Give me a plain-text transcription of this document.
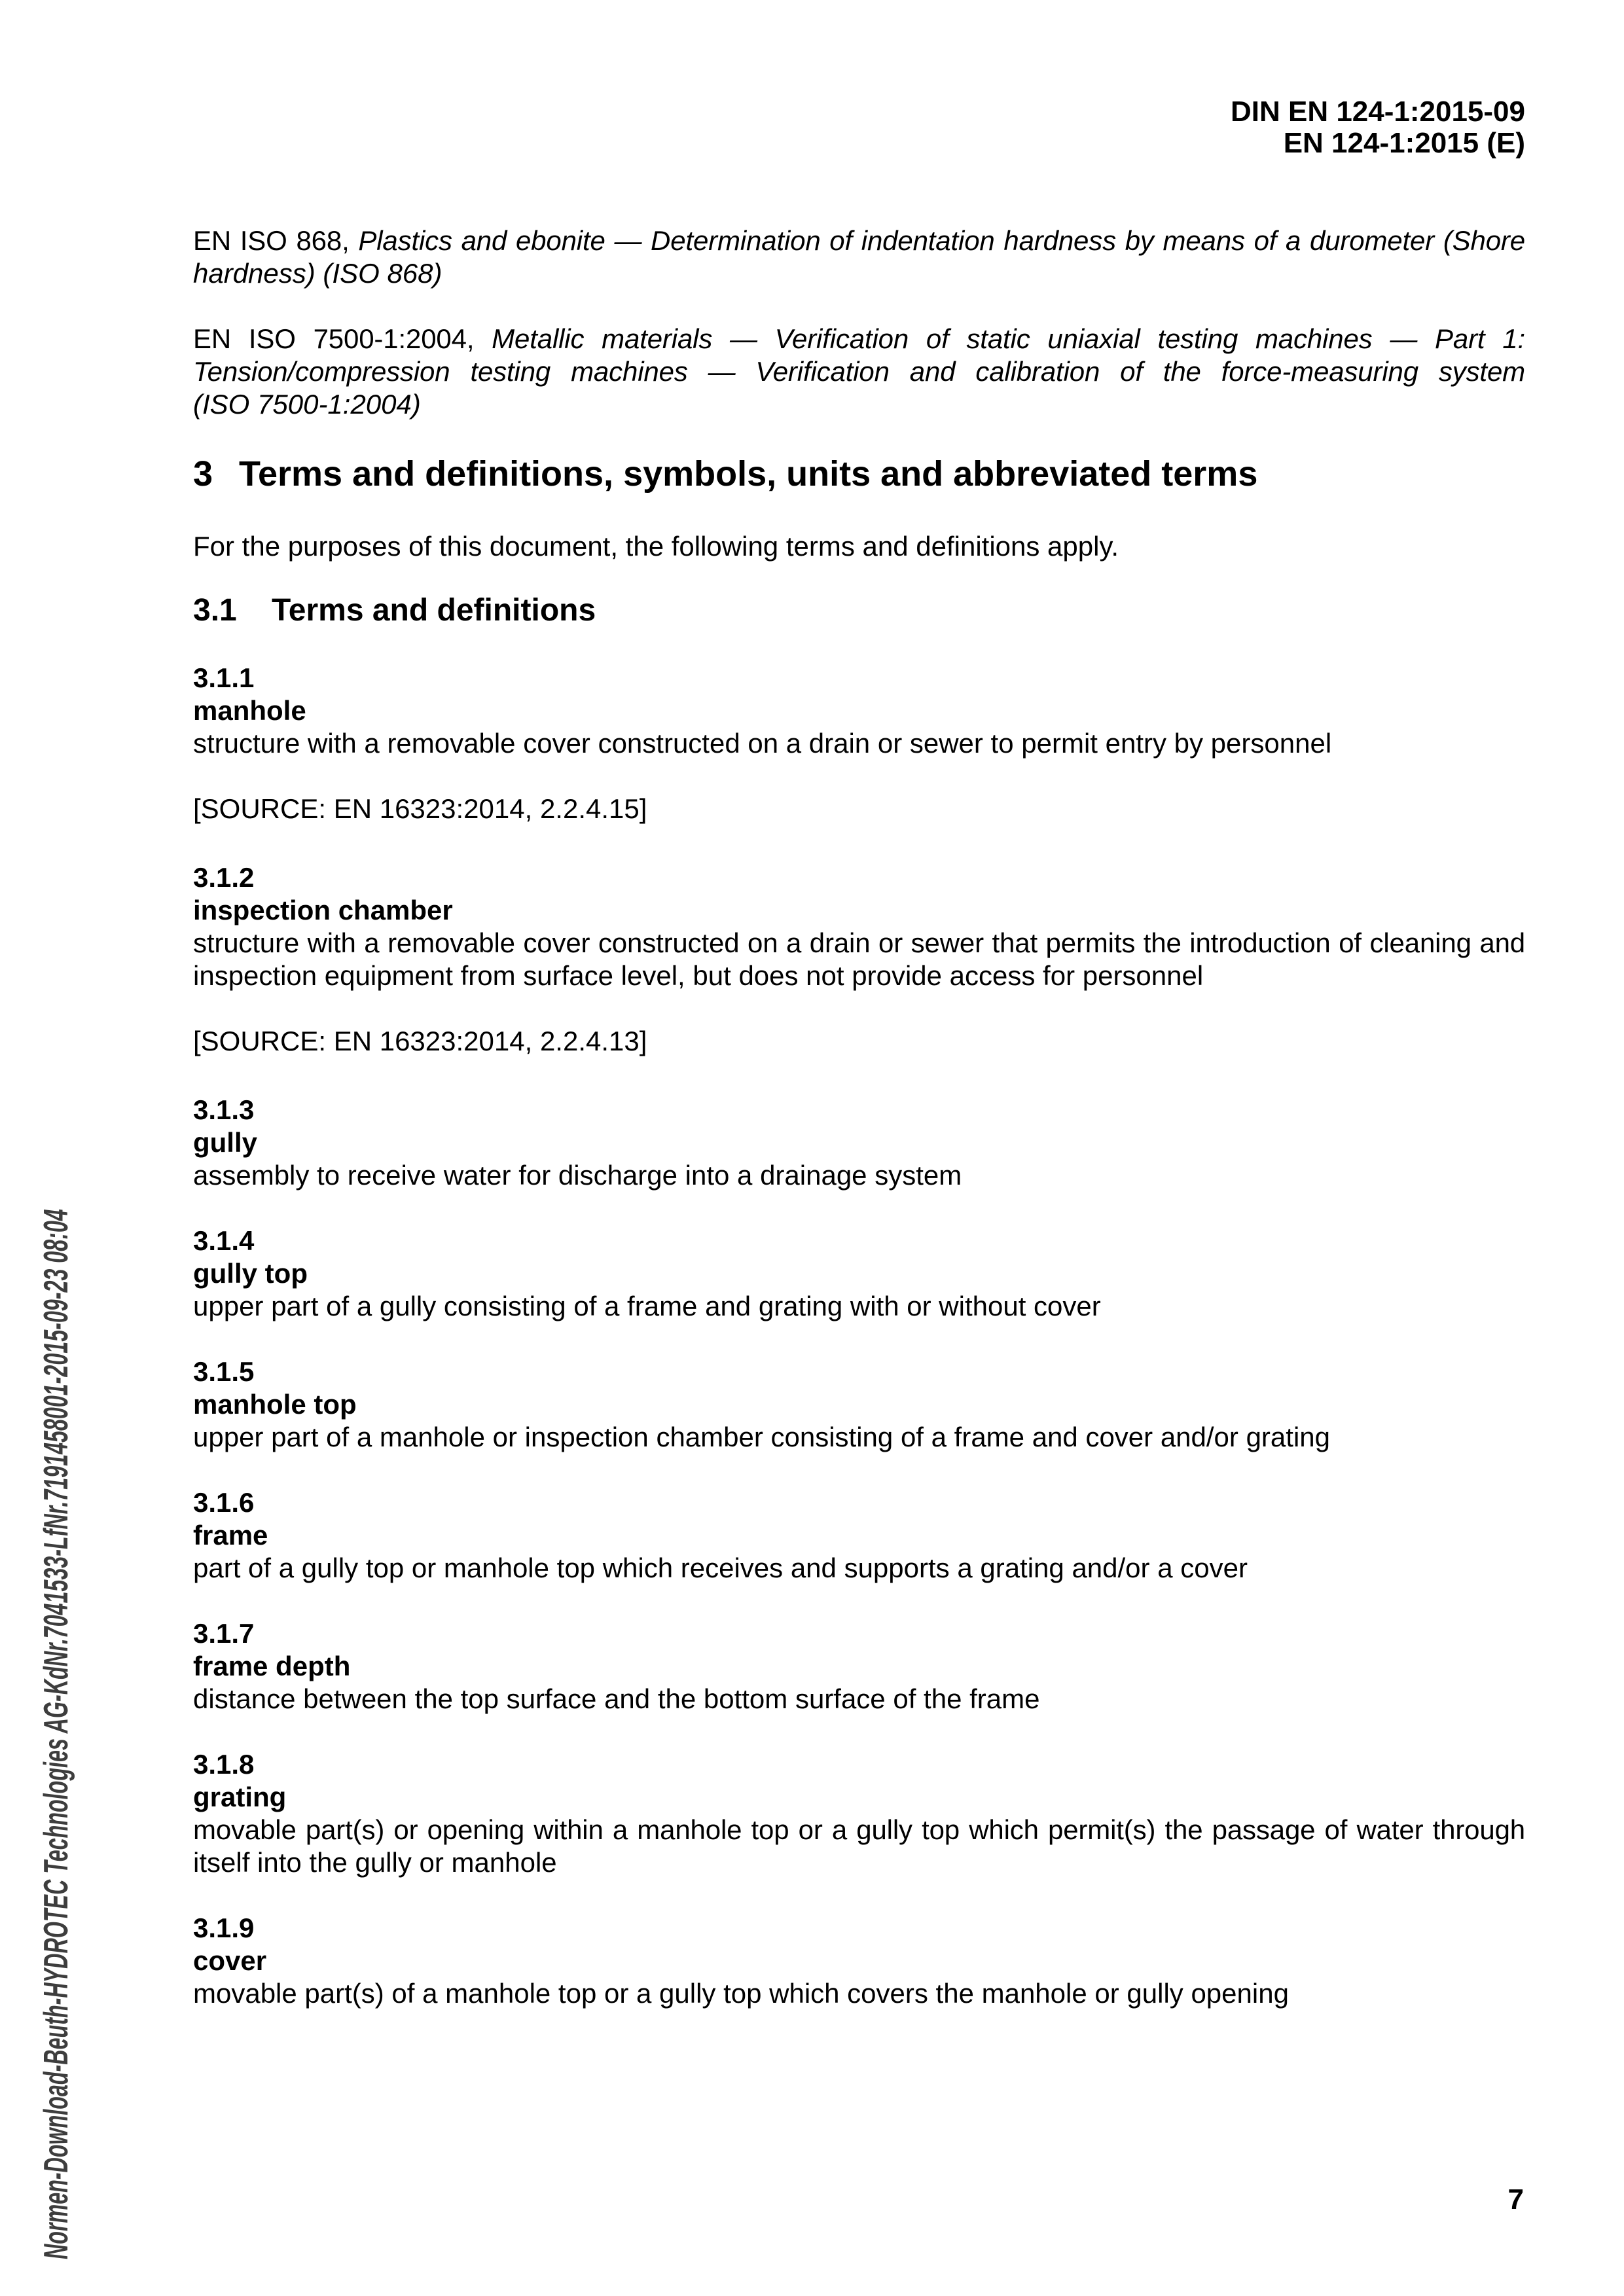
DIN EN 124-1:2015-09
EN 124-1:2015 (E)

EN ISO 868, Plastics and ebonite — Determination of indentation hardness by means of a durometer (Shore
hardness) (ISO 868)

EN ISO 7500-1:2004, Metallic materials — Verification of static uniaxial testing machines — Part 1:
Tension/compression testing machines — Verification and calibration of the force-measuring system
(ISO 7500-1:2004)

3 Terms and definitions, symbols, units and abbreviated terms

For the purposes of this document, the following terms and definitions apply.

3.1 Terms and definitions
3.1.1
manhole
structure with a removable cover constructed on a drain or sewer to permit entry by personnel

[SOURCE: EN 16323:2014, 2.2.4.15]

3.1.2
inspection chamber
structure with a removable cover constructed on a drain or sewer that permits the introduction of cleaning and
inspection equipment from surface level, but does not provide access for personnel

[SOURCE: EN 16323:2014, 2.2.4.13]

3.1.3
gully
assembly to receive water for discharge into a drainage system
3.1.4
gully top
upper part of a gully consisting of a frame and grating with or without cover
3.1.5
manhole top
upper part of a manhole or inspection chamber consisting of a frame and cover and/or grating
3.1.6
frame
part of a gully top or manhole top which receives and supports a grating and/or a cover
3.1.7
frame depth
distance between the top surface and the bottom surface of the frame
3.1.8
grating
movable part(s) or opening within a manhole top or a gully top which permit(s) the passage of water through
itself into the gully or manhole
3.1.9
cover
movable part(s) of a manhole top or a gully top which covers the manhole or gully opening
Normen-Download-Beuth-HYDROTEC Technologies AG-KdNr.7041533-LfNr.7191458001-2015-09-23 08:04	7
